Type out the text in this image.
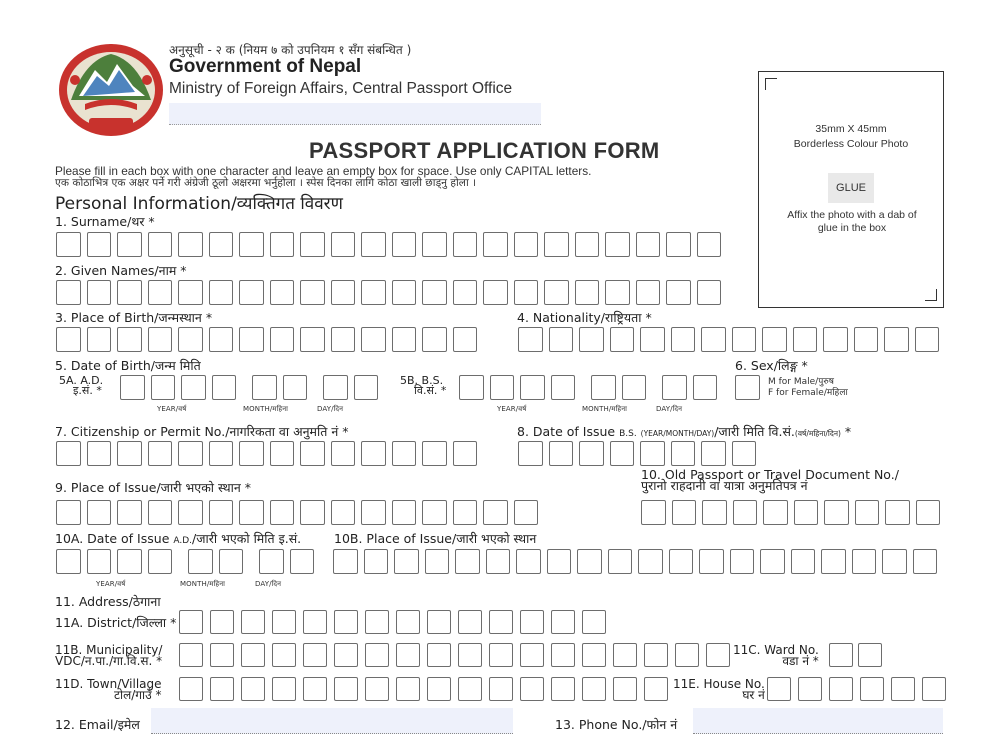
अनुसूची - २ क (नियम ७ को उपनियम १ सँग संबन्धित )
Government of Nepal
Ministry of Foreign Affairs, Central Passport Office
PASSPORT APPLICATION FORM
Please fill in each box with one character and leave an empty box for space. Use only CAPITAL letters.
एक कोठाभित्र एक अक्षर पर्ने गरी अंग्रेजी ठूलो अक्षरमा भर्नुहोला । स्पेस दिनका लागि कोठा खाली छाड्नु होला ।
Personal Information/व्यक्तिगत विवरण
35mm X 45mm
Borderless Colour Photo
GLUE
Affix the photo with a dab of glue in the box
1. Surname/थर *
2. Given Names/नाम *
3. Place of Birth/जन्मस्थान *	4. Nationality/राष्ट्रियता *
5. Date of Birth/जन्म मिति	6. Sex/लिङ्ग *
5A. A.D.
इ.सं. *
YEAR/वर्ष	MONTH/महिना	DAY/दिन
5B. B.S.
वि.सं. *
YEAR/वर्ष	MONTH/महिना	DAY/दिन
M for Male/पुरुष
F for Female/महिला
7. Citizenship or Permit No./नागरिकता वा अनुमति नं *	8. Date of Issue B.S. (YEAR/MONTH/DAY)/जारी मिति वि.सं.(वर्ष/महिना/दिन) *
9. Place of Issue/जारी भएको स्थान *
10. Old Passport or Travel Document No./
पुरानो राहदानी वा यात्रा अनुमतिपत्र नं
10A. Date of Issue A.D./जारी भएको मिति इ.सं.	10B. Place of Issue/जारी भएको स्थान
YEAR/वर्ष	MONTH/महिना	DAY/दिन
11. Address/ठेगाना
11A. District/जिल्ला *
11B. Municipality/
VDC/न.पा./गा.वि.स. *
11C. Ward No.
वडा नं *
11D. Town/Village
टोल/गाउँ *
11E. House No.
घर नं
12. Email/इमेल	13. Phone No./फोन नं
